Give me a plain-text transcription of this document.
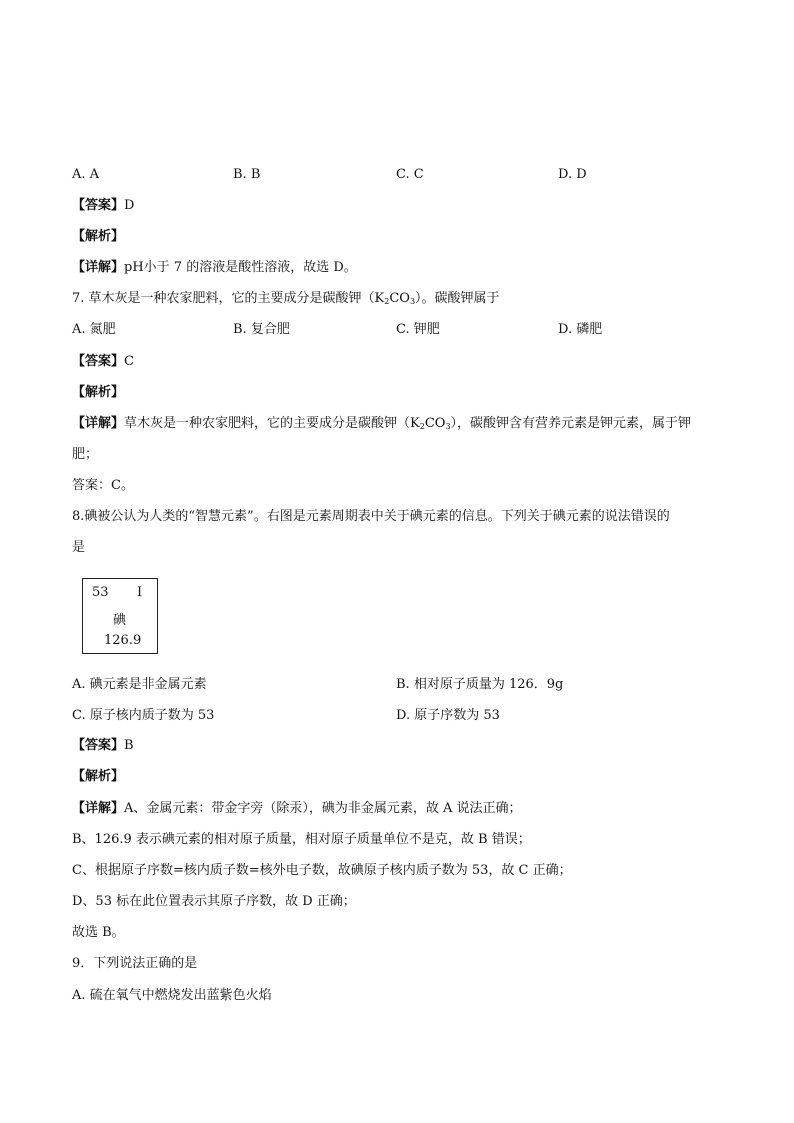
A. A	B. B	C. C	D. D
【答案】D
【解析】
【详解】pH小于 7 的溶液是酸性溶液，故选 D。
7. 草木灰是一种农家肥料，它的主要成分是碳酸钾$(K_2CO_3)$。碳酸钾属于
A. 氮肥	B. 复合肥	C. 钾肥	D. 磷肥
【答案】C
【解析】
【详解】草木灰是一种农家肥料，它的主要成分是碳酸钾$(K_2CO_3)$，碳酸钾含有营养元素是钾元素，属于钾
肥；
答案：C。
8.碘被公认为人类的“智慧元素”。右图是元素周期表中关于碘元素的信息。下列关于碘元素的说法错误的
是
53 I
碘
126.9
A. 碘元素是非金属元素	B. 相对原子质量为 126．9g
C. 原子核内质子数为 53	D. 原子序数为 53
【答案】B
【解析】
【详解】A、金属元素：带金字旁（除汞），碘为非金属元素，故 A 说法正确；
B、126.9 表示碘元素的相对原子质量，相对原子质量单位不是克，故 B 错误；
C、根据原子序数=核内质子数=核外电子数，故碘原子核内质子数为 53，故 C 正确；
D、53 标在此位置表示其原子序数，故 D 正确；
故选 B。
9．下列说法正确的是
A. 硫在氧气中燃烧发出蓝紫色火焰
